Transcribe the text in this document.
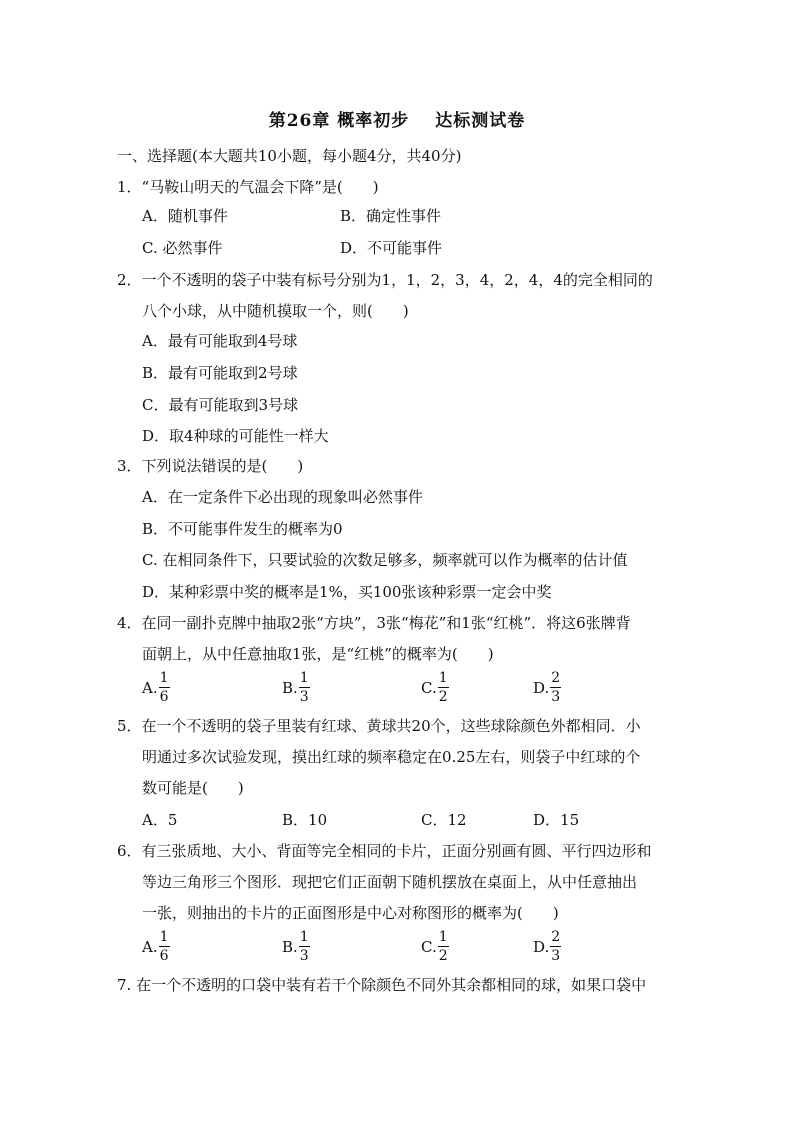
第26章 概率初步 达标测试卷
一、选择题(本大题共10小题，每小题4分，共40分)
1．“马鞍山明天的气温会下降”是(　　)
A．随机事件	B．确定性事件
C. 必然事件	D．不可能事件
2．一个不透明的袋子中装有标号分别为1，1，2，3，4，2，4，4的完全相同的
八个小球，从中随机摸取一个，则(　　)
A．最有可能取到4号球
B．最有可能取到2号球
C．最有可能取到3号球
D．取4种球的可能性一样大
3．下列说法错误的是(　　)
A．在一定条件下必出现的现象叫必然事件
B．不可能事件发生的概率为0
C. 在相同条件下，只要试验的次数足够多，频率就可以作为概率的估计值
D．某种彩票中奖的概率是1%，买100张该种彩票一定会中奖
4．在同一副扑克牌中抽取2张“方块”，3张“梅花”和1张“红桃”．将这6张牌背
面朝上，从中任意抽取1张，是“红桃”的概率为(　　)
A. $\frac{1}{6}$	B. $\frac{1}{3}$	C. $\frac{1}{2}$	D. $\frac{2}{3}$
5．在一个不透明的袋子里装有红球、黄球共20个，这些球除颜色外都相同．小
明通过多次试验发现，摸出红球的频率稳定在0.25左右，则袋子中红球的个
数可能是(　　)
A．5	B．10	C．12	D．15
6．有三张质地、大小、背面等完全相同的卡片，正面分别画有圆、平行四边形和
等边三角形三个图形．现把它们正面朝下随机摆放在桌面上，从中任意抽出
一张，则抽出的卡片的正面图形是中心对称图形的概率为(　　)
A. $\frac{1}{6}$	B. $\frac{1}{3}$	C. $\frac{1}{2}$	D. $\frac{2}{3}$
7. 在一个不透明的口袋中装有若干个除颜色不同外其余都相同的球，如果口袋中
